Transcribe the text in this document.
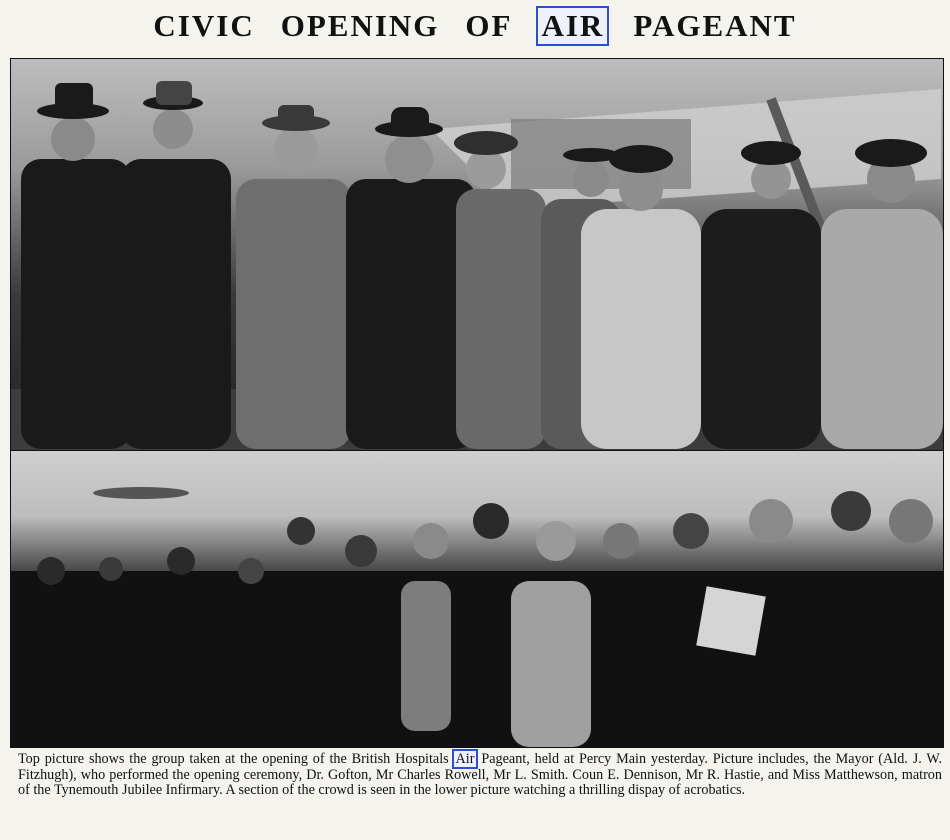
CIVIC OPENING OF AIR PAGEANT
Top picture shows the group taken at the opening of the British Hospitals Air Pageant, held at Percy Main yesterday. Picture includes, the Mayor (Ald. J. W. Fitzhugh), who performed the opening ceremony, Dr. Gofton, Mr Charles Rowell, Mr L. Smith. Coun E. Dennison, Mr R. Hastie, and Miss Matthewson, matron of the Tynemouth Jubilee Infirmary. A section of the crowd is seen in the lower picture watching a thrilling dispay of acrobatics.
